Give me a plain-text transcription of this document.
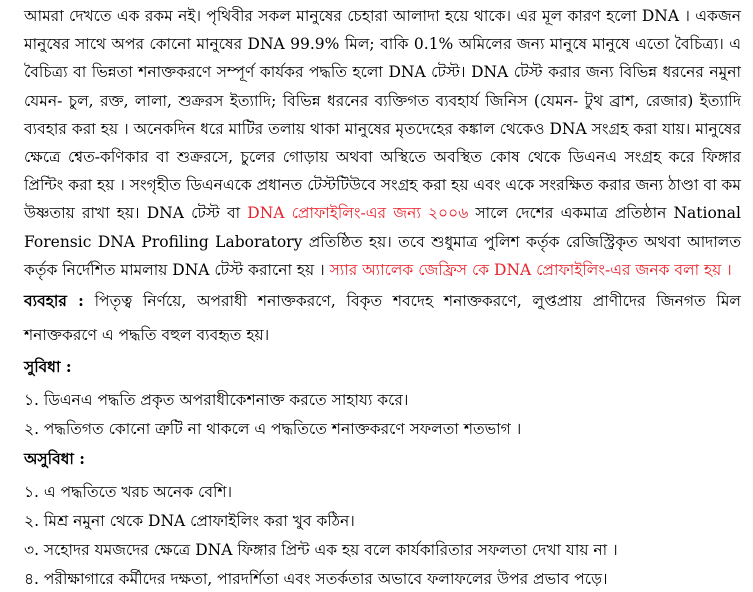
আমরা দেখতে এক রকম নই। পৃথিবীর সকল মানুষের চেহারা আলাদা হয়ে থাকে। এর মূল কারণ হলো DNA । একজন মানুষের সাথে অপর কোনো মানুষের DNA 99.9% মিল; বাকি 0.1% অমিলের জন্য মানুষে মানুষে এতো বৈচিত্র্য। এ বৈচিত্র্য বা ভিন্নতা শনাক্তকরণে সম্পূর্ণ কার্যকর পদ্ধতি হলো DNA টেস্ট। DNA টেস্ট করার জন্য বিভিন্ন ধরনের নমুনা যেমন- চুল, রক্ত, লালা, শুক্ররস ইত্যাদি; বিভিন্ন ধরনের ব্যক্তিগত ব্যবহার্য জিনিস (যেমন- টুথ ব্রাশ, রেজার) ইত্যাদি ব্যবহার করা হয় । অনেকদিন ধরে মাটির তলায় থাকা মানুষের মৃতদেহের কঙ্কাল থেকেও DNA সংগ্রহ করা যায়। মানুষের ক্ষেত্রে শ্বেত-কণিকার বা শুক্ররসে, চুলের গোড়ায় অথবা অস্থিতে অবস্থিত কোষ থেকে ডিএনএ সংগ্রহ করে ফিঙ্গার প্রিন্টিং করা হয় । সংগৃহীত ডিএনএকে প্রধানত টেস্টটিউবে সংগ্রহ করা হয় এবং একে সংরক্ষিত করার জন্য ঠাণ্ডা বা কম উষ্ণতায় রাখা হয়। DNA টেস্ট বা DNA প্রোফাইলিং-এর জন্য ২০০৬ সালে দেশের একমাত্র প্রতিষ্ঠান National Forensic DNA Profiling Laboratory প্রতিষ্ঠিত হয়। তবে শুধুমাত্র পুলিশ কর্তৃক রেজিস্ট্রিকৃত অথবা আদালত কর্তৃক নির্দেশিত মামলায় DNA টেস্ট করানো হয় । স্যার অ্যালেক জেফ্রিস কে DNA প্রোফাইলিং-এর জনক বলা হয় ।

ব্যবহার : পিতৃত্ব নির্ণয়ে, অপরাধী শনাক্তকরণে, বিকৃত শবদেহ শনাক্তকরণে, লুপ্তপ্রায় প্রাণীদের জিনগত মিল শনাক্তকরণে এ পদ্ধতি বহুল ব্যবহৃত হয়।

সুবিধা :

১. ডিএনএ পদ্ধতি প্রকৃত অপরাধীকেশনাক্ত করতে সাহায্য করে।

২. পদ্ধতিগত কোনো ত্রুটি না থাকলে এ পদ্ধতিতে শনাক্তকরণে সফলতা শতভাগ ।

অসুবিধা :

১. এ পদ্ধতিতে খরচ অনেক বেশি।

২. মিশ্র নমুনা থেকে DNA প্রোফাইলিং করা খুব কঠিন।

৩. সহোদর যমজদের ক্ষেত্রে DNA ফিঙ্গার প্রিন্ট এক হয় বলে কার্যকারিতার সফলতা দেখা যায় না ।

৪. পরীক্ষাগারে কর্মীদের দক্ষতা, পারদর্শিতা এবং সতর্কতার অভাবে ফলাফলের উপর প্রভাব পড়ে।
